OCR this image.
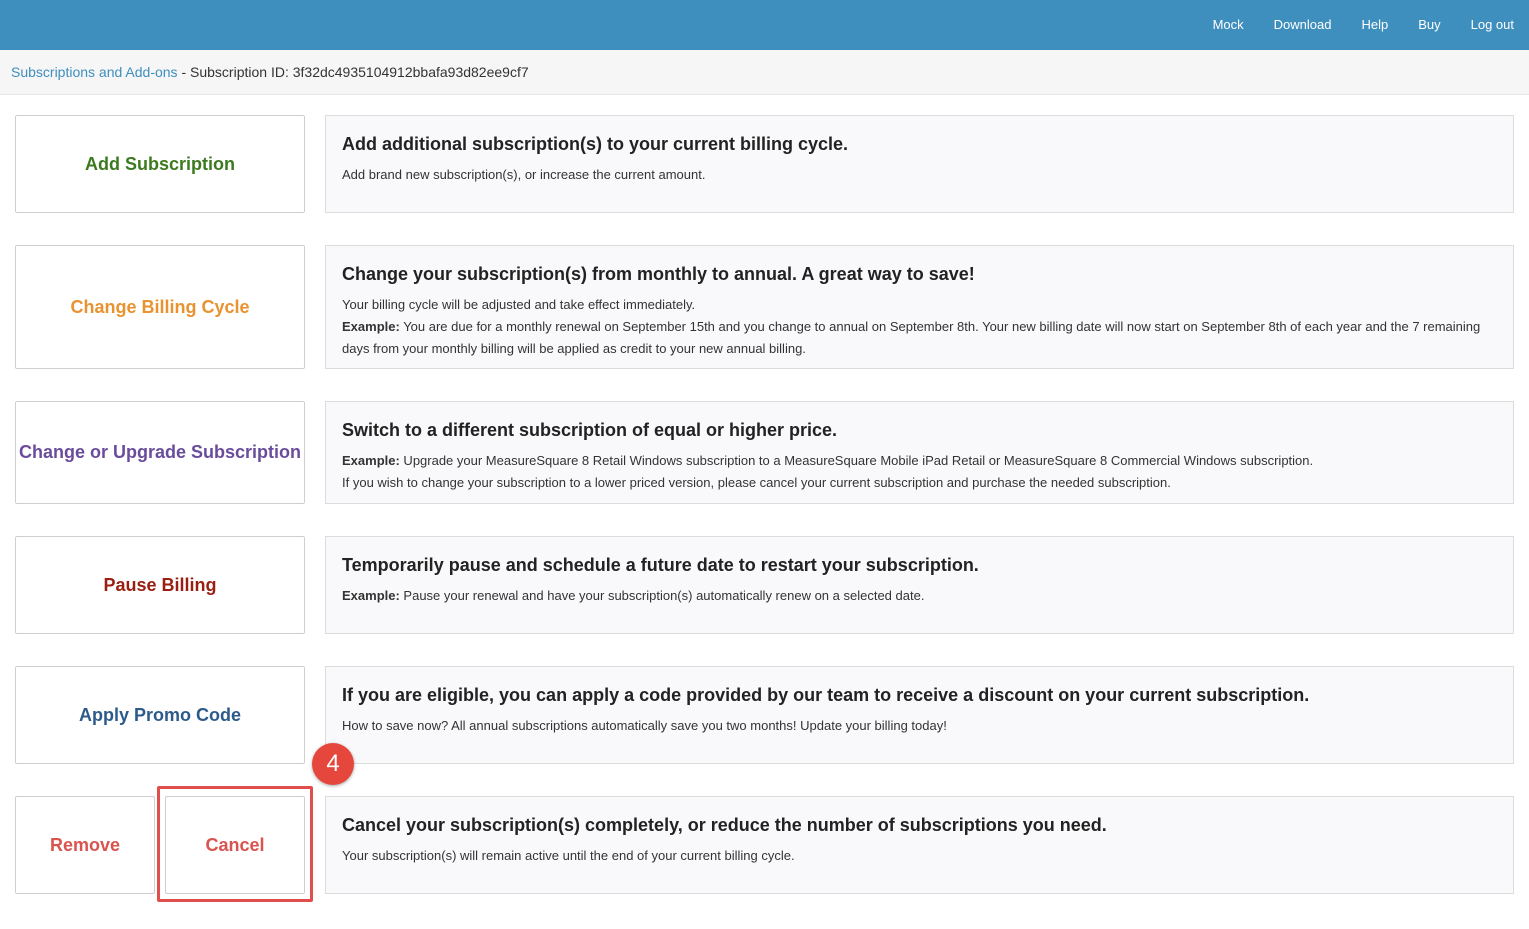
Mock	Download	Help	Buy	Log out
Subscriptions and Add-ons - Subscription ID: 3f32dc4935104912bbafa93d82ee9cf7
Add Subscription
Add additional subscription(s) to your current billing cycle.
Add brand new subscription(s), or increase the current amount.
Change Billing Cycle
Change your subscription(s) from monthly to annual. A great way to save!
Your billing cycle will be adjusted and take effect immediately.
Example: You are due for a monthly renewal on September 15th and you change to annual on September 8th. Your new billing date will now start on September 8th of each year and the 7 remaining days from your monthly billing will be applied as credit to your new annual billing.
Change or Upgrade Subscription
Switch to a different subscription of equal or higher price.
Example: Upgrade your MeasureSquare 8 Retail Windows subscription to a MeasureSquare Mobile iPad Retail or MeasureSquare 8 Commercial Windows subscription.
If you wish to change your subscription to a lower priced version, please cancel your current subscription and purchase the needed subscription.
Pause Billing
Temporarily pause and schedule a future date to restart your subscription.
Example: Pause your renewal and have your subscription(s) automatically renew on a selected date.
Apply Promo Code
If you are eligible, you can apply a code provided by our team to receive a discount on your current subscription.
How to save now? All annual subscriptions automatically save you two months! Update your billing today!
Remove	Cancel
Cancel your subscription(s) completely, or reduce the number of subscriptions you need.
Your subscription(s) will remain active until the end of your current billing cycle.
4
